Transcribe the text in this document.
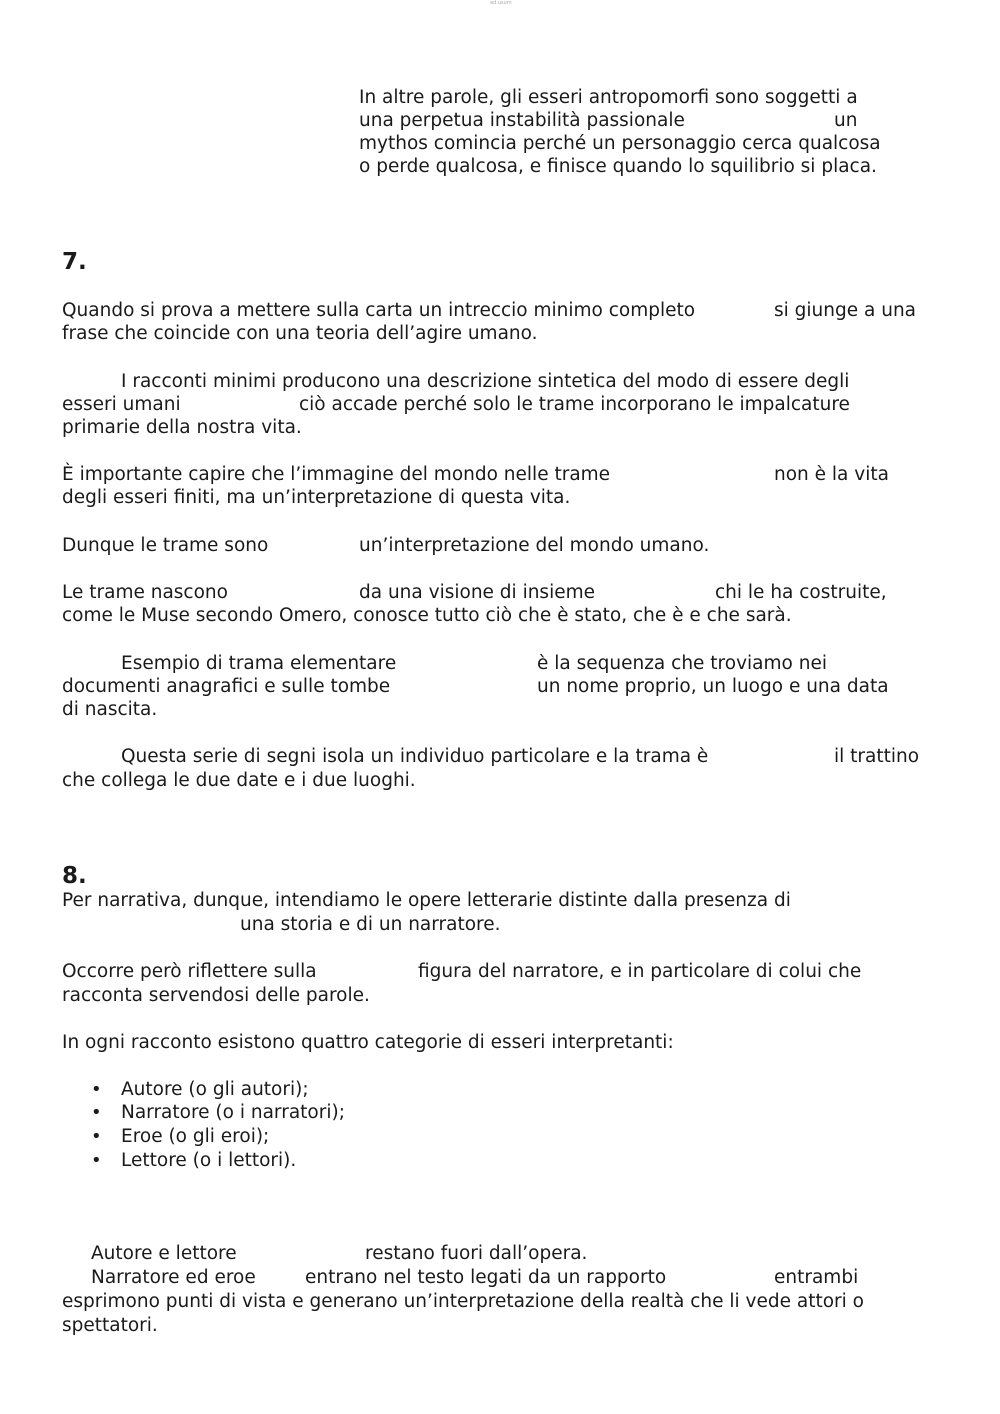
ad usum
In altre parole, gli esseri antropomorfi sono soggetti a
una perpetua instabilità passionale	un
mythos comincia perché un personaggio cerca qualcosa
o perde qualcosa, e finisce quando lo squilibrio si placa.
7.
Quando si prova a mettere sulla carta un intreccio minimo completo	si giunge a una
frase che coincide con una teoria dell’agire umano.
I racconti minimi producono una descrizione sintetica del modo di essere degli
esseri umani	ciò accade perché solo le trame incorporano le impalcature
primarie della nostra vita.
È importante capire che l’immagine del mondo nelle trame	non è la vita
degli esseri finiti, ma un’interpretazione di questa vita.
Dunque le trame sono	un’interpretazione del mondo umano.
Le trame nascono	da una visione di insieme	chi le ha costruite,
come le Muse secondo Omero, conosce tutto ciò che è stato, che è e che sarà.
Esempio di trama elementare	è la sequenza che troviamo nei
documenti anagrafici e sulle tombe	un nome proprio, un luogo e una data
di nascita.
Questa serie di segni isola un individuo particolare e la trama è	il trattino
che collega le due date e i due luoghi.
8.
Per narrativa, dunque, intendiamo le opere letterarie distinte dalla presenza di
una storia e di un narratore.
Occorre però riflettere sulla	figura del narratore, e in particolare di colui che
racconta servendosi delle parole.
In ogni racconto esistono quattro categorie di esseri interpretanti:
• Autore (o gli autori);
• Narratore (o i narratori);
• Eroe (o gli eroi);
• Lettore (o i lettori).
Autore e lettore	restano fuori dall’opera.
Narratore ed eroe	entrano nel testo legati da un rapporto	entrambi
esprimono punti di vista e generano un’interpretazione della realtà che li vede attori o
spettatori.
